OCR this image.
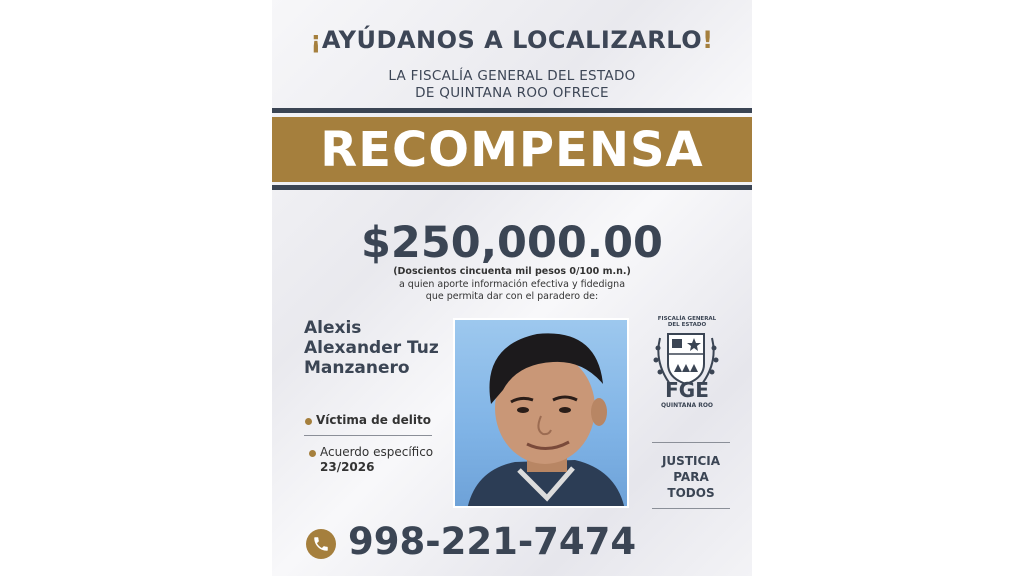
¡AYÚDANOS A LOCALIZARLO!
LA FISCALÍA GENERAL DEL ESTADO
DE QUINTANA ROO OFRECE
RECOMPENSA
$250,000.00
(Doscientos cincuenta mil pesos 0/100 m.n.)
a quien aporte información efectiva y fidedigna
que permita dar con el paradero de:
Alexis
Alexander Tuz
Manzanero
Víctima de delito
Acuerdo específico
23/2026
FISCALÍA GENERAL
DEL ESTADO
FGE
QUINTANA ROO
JUSTICIA
PARA
TODOS
998-221-7474
